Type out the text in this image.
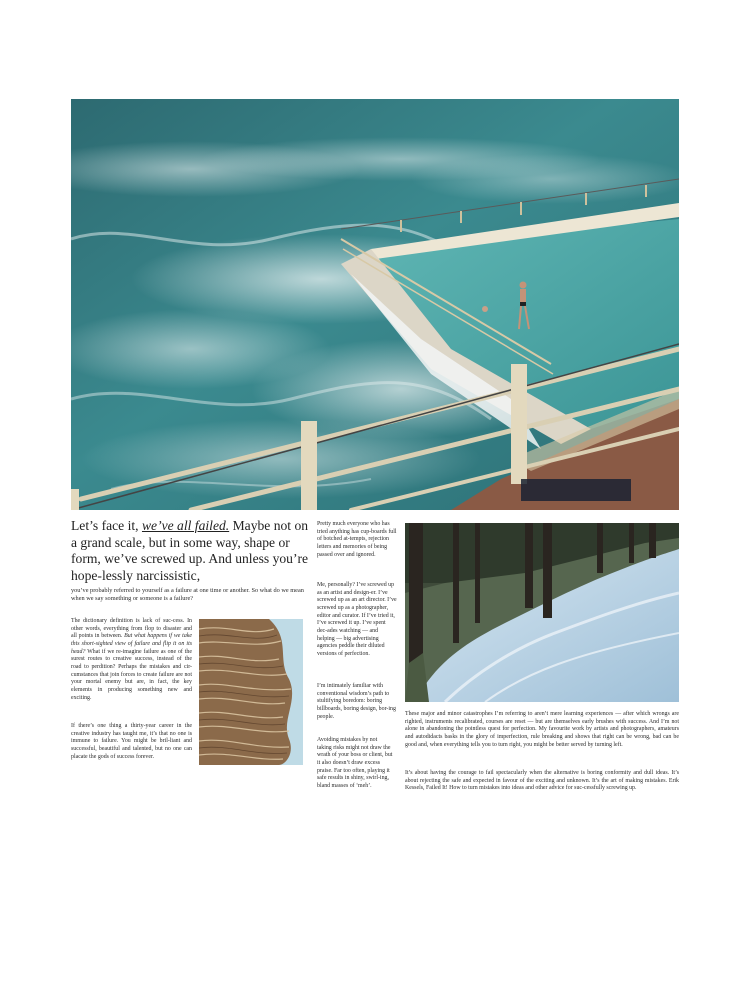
Let’s face it, we’ve all failed. Maybe not on a grand scale, but in some way, shape or form, we’ve screwed up. And unless you’re hope-lessly narcissistic,

you’ve probably referred to yourself as a failure at one time or another. So what do we mean when we say something or someone is a failure?

The dictionary definition is lack of suc-cess. In other words, everything from flop to disaster and all points in between. But what happens if we take this short-sighted view of failure and flip it on its head? What if we re-imagine failure as one of the surest routes to creative success, instead of the road to perdition? Perhaps the mistakes and cir-cumstances that join forces to create failure are not your mortal enemy but are, in fact, the key elements in producing something new and exciting.

If there’s one thing a thirty-year career in the creative industry has taught me, it’s that no one is immune to failure. You might be bril-liant and successful, beautiful and talented, but no one can placate the gods of success forever.

Pretty much everyone who has tried anything has cup-boards full of botched at-tempts, rejection letters and memories of being passed over and ignored.

Me, personally? I’ve screwed up as an artist and design-er. I’ve screwed up as an art director. I’ve screwed up as a photographer, editor and curator. If I’ve tried it, I’ve screwed it up. I’ve spent dec-ades watching — and helping — big advertising agencies peddle their diluted versions of perfection.

I’m intimately familiar with conventional wisdom’s path to stultifying boredom: boring billboards, boring design, bor-ing people.

Avoiding mistakes by not taking risks might not draw the wrath of your boss or client, but it also doesn’t draw excess praise. Far too often, playing it safe results in shiny, swirl-ing, bland masses of ‘meh’.

These major and minor catastrophes I’m referring to aren’t mere learning experiences — after which wrongs are righted, instruments recalibrated, courses are reset — but are themselves early brushes with success. And I’m not alone in abandoning the pointless quest for perfection. My favourite work by artists and photographers, amateurs and autodidacts basks in the glory of imperfection, rule breaking and shows that right can be wrong, bad can be good and, when everything tells you to turn right, you might be better served by turning left.

It’s about having the courage to fail spectacularly when the alternative is boring conformity and dull ideas. It’s about rejecting the safe and expected in favour of the exciting and unknown. It’s the art of making mistakes. Erik Kessels, Failed It! How to turn mistakes into ideas and other advice for suc-cessfully screwing up.
